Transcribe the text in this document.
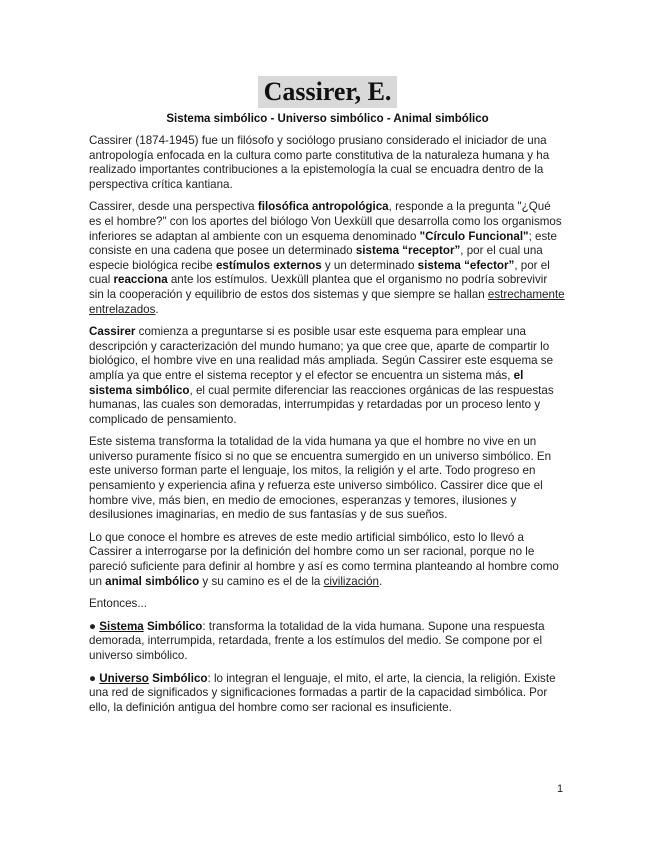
Cassirer, E.
Sistema simbólico - Universo simbólico - Animal simbólico

Cassirer (1874-1945) fue un filósofo y sociólogo prusiano considerado el iniciador de una antropología enfocada en la cultura como parte constitutiva de la naturaleza humana y ha realizado importantes contribuciones a la epistemología la cual se encuadra dentro de la perspectiva crítica kantiana.

Cassirer, desde una perspectiva filosófica antropológica, responde a la pregunta "¿Qué es el hombre?" con los aportes del biólogo Von Uexküll que desarrolla como los organismos inferiores se adaptan al ambiente con un esquema denominado "Círculo Funcional"; este consiste en una cadena que posee un determinado sistema “receptor”, por el cual una especie biológica recibe estímulos externos y un determinado sistema “efector”, por el cual reacciona ante los estímulos. Uexküll plantea que el organismo no podría sobrevivir sin la cooperación y equilibrio de estos dos sistemas y que siempre se hallan estrechamente entrelazados.

Cassirer comienza a preguntarse si es posible usar este esquema para emplear una descripción y caracterización del mundo humano; ya que cree que, aparte de compartir lo biológico, el hombre vive en una realidad más ampliada. Según Cassirer este esquema se amplía ya que entre el sistema receptor y el efector se encuentra un sistema más, el sistema simbólico, el cual permite diferenciar las reacciones orgánicas de las respuestas humanas, las cuales son demoradas, interrumpidas y retardadas por un proceso lento y complicado de pensamiento.

Este sistema transforma la totalidad de la vida humana ya que el hombre no vive en un universo puramente físico si no que se encuentra sumergido en un universo simbólico. En este universo forman parte el lenguaje, los mitos, la religión y el arte. Todo progreso en pensamiento y experiencia afina y refuerza este universo simbólico. Cassirer dice que el hombre vive, más bien, en medio de emociones, esperanzas y temores, ilusiones y desilusiones imaginarias, en medio de sus fantasías y de sus sueños.

Lo que conoce el hombre es atreves de este medio artificial simbólico, esto lo llevó a Cassirer a interrogarse por la definición del hombre como un ser racional, porque no le pareció suficiente para definir al hombre y así es como termina planteando al hombre como un animal simbólico y su camino es el de la civilización.

Entonces...

● Sistema Simbólico: transforma la totalidad de la vida humana. Supone una respuesta demorada, interrumpida, retardada, frente a los estímulos del medio. Se compone por el universo simbólico.

● Universo Simbólico: lo integran el lenguaje, el mito, el arte, la ciencia, la religión. Existe una red de significados y significaciones formadas a partir de la capacidad simbólica. Por ello, la definición antigua del hombre como ser racional es insuficiente.

1
